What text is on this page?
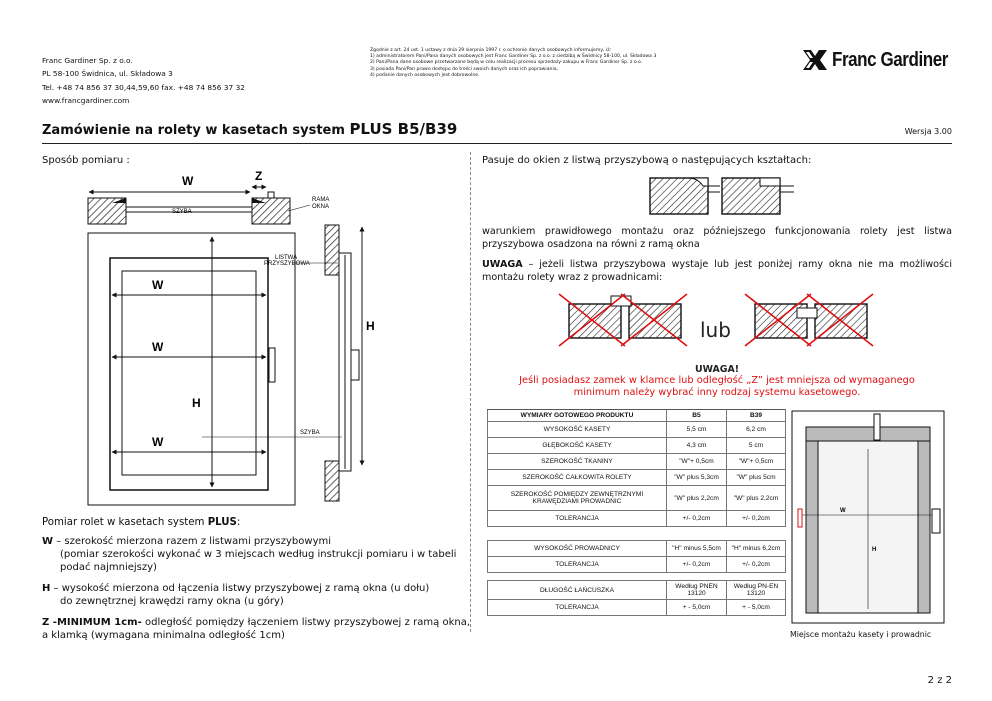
Franc Gardiner Sp. z o.o.
PL 58-100 Świdnica, ul. Składowa 3
Tel. +48 74 856 37 30,44,59,60 fax. +48 74 856 37 32
www.francgardiner.com
Zgodnie z art. 24 ust. 1 ustawy z dnia 29 sierpnia 1997 r. o ochronie danych osobowych informujemy, iż:
1) administratorem Pani/Pana danych osobowych jest Franc Gardiner Sp. z o.o. z siedzibą w Świdnicy 58-100, ul. Składowa 3
2) Pani/Pana dane osobowe przetwarzane będą w celu realizacji procesu sprzedaży-zakupu w Franc Gardiner Sp. z o.o.
3) posiada Pani/Pan prawo dostępu do treści swoich danych oraz ich poprawiania,
4) podanie danych osobowych jest dobrowolne.
Franc Gardiner
Zamówienie na rolety w kasetach system PLUS B5/B39	Wersja 3.00
Sposób pomiaru :
SZYBA
W	Z
RAMA
OKNA
W
W
W
H
LISTWA
PRZYSZYBOWA
SZYBA
H
Pomiar rolet w kasetach system PLUS:
W – szerokość mierzona razem z listwami przyszybowymi
(pomiar szerokości wykonać w 3 miejscach według instrukcji pomiaru i w tabeli podać najmniejszy)
H – wysokość mierzona od łączenia listwy przyszybowej z ramą okna (u dołu)
do zewnętrznej krawędzi ramy okna (u góry)
Z -MINIMUM 1cm- odległość pomiędzy łączeniem listwy przyszybowej z ramą okna, a klamką (wymagana minimalna odległość 1cm)
Pasuje do okien z listwą przyszybową o następujących kształtach:
warunkiem prawidłowego montażu oraz późniejszego funkcjonowania rolety jest listwa przyszybowa osadzona na równi z ramą okna
UWAGA – jeżeli listwa przyszybowa wystaje lub jest poniżej ramy okna nie ma możliwości montażu rolety wraz z prowadnicami:
lub
UWAGA!
Jeśli posiadasz zamek w klamce lub odległość „Z” jest mniejsza od wymaganego
minimum należy wybrać inny rodzaj systemu kasetowego.
WYMIARY GOTOWEGO PRODUKTU	B5	B39
WYSOKOŚĆ KASETY	5,5 cm	6,2 cm
GŁĘBOKOŚĆ KASETY	4,3 cm	5 cm
SZEROKOŚĆ TKANINY	"W"+ 0,5cm	"W"+ 0,5cm
SZEROKOŚĆ CAŁKOWITA ROLETY	"W" plus 5,3cm	"W" plus 5cm
SZEROKOŚĆ POMIĘDZY ZEWNĘTRZNYMI KRAWĘDZIAMI PROWADNIC	"W" plus 2,2cm	"W" plus 2,2cm
TOLERANCJA	+/- 0,2cm	+/- 0,2cm
WYSOKOŚĆ PROWADNICY	"H" minus 5,5cm	"H" minus 6,2cm
TOLERANCJA	+/- 0,2cm	+/- 0,2cm
DŁUGOŚĆ ŁAŃCUSZKA	Według PNEN 13120	Według PN-EN 13120
TOLERANCJA	+ - 5,0cm	+ - 5,0cm
W
H
Miejsce montażu kasety i prowadnic
2 z 2
